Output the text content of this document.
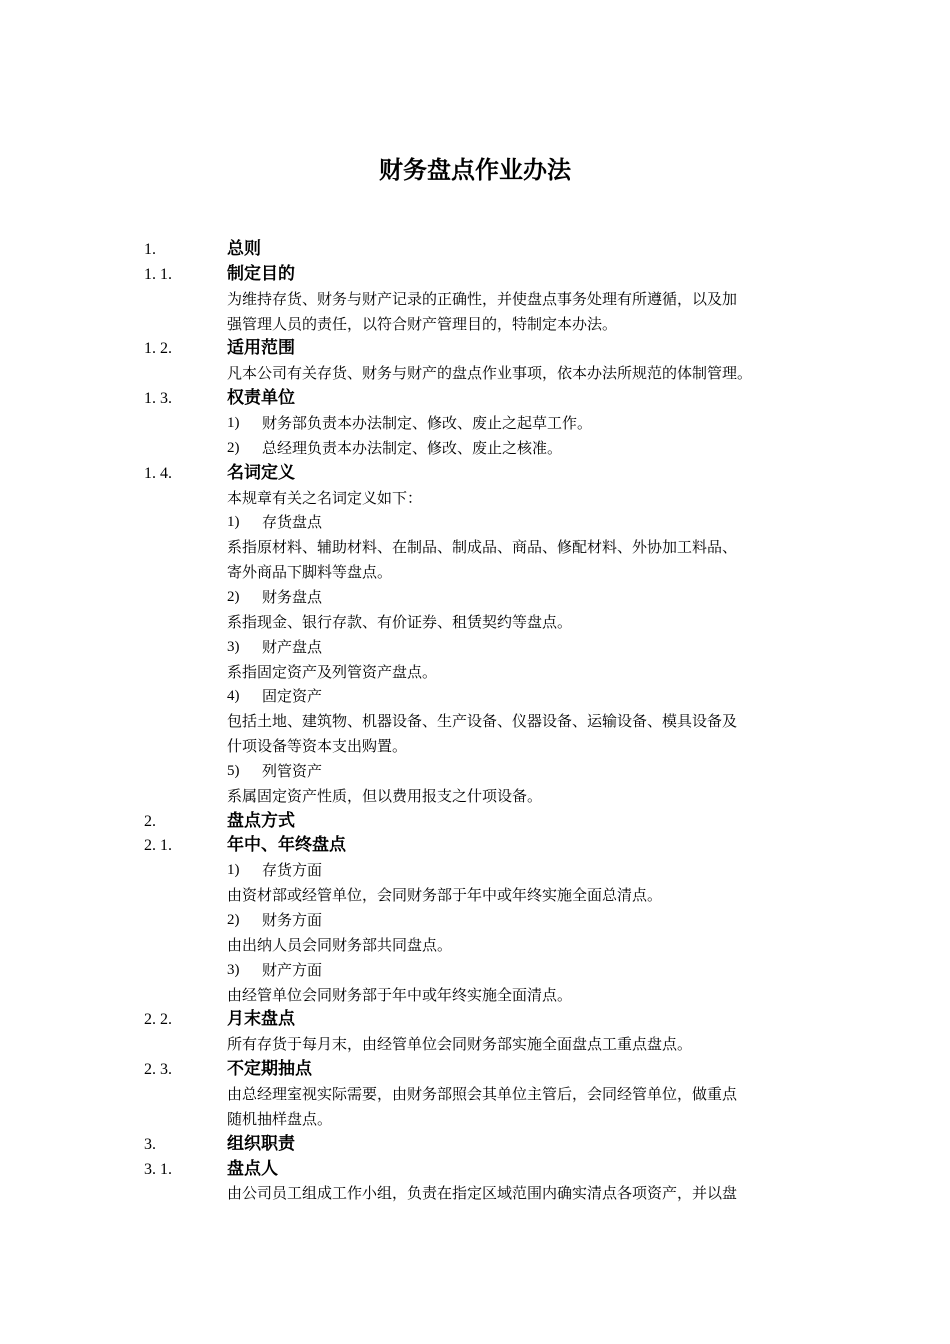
财务盘点作业办法
1.	总则
1. 1.	制定目的
为维持存货、财务与财产记录的正确性，并使盘点事务处理有所遵循，以及加
强管理人员的责任，以符合财产管理目的，特制定本办法。
1. 2.	适用范围
凡本公司有关存货、财务与财产的盘点作业事项，依本办法所规范的体制管理。
1. 3.	权责单位
1) 财务部负责本办法制定、修改、废止之起草工作。
2) 总经理负责本办法制定、修改、废止之核准。
1. 4.	名词定义
本规章有关之名词定义如下：
1) 存货盘点
系指原材料、辅助材料、在制品、制成品、商品、修配材料、外协加工料品、
寄外商品下脚料等盘点。
2) 财务盘点
系指现金、银行存款、有价证券、租赁契约等盘点。
3) 财产盘点
系指固定资产及列管资产盘点。
4) 固定资产
包括土地、建筑物、机器设备、生产设备、仪器设备、运输设备、模具设备及
什项设备等资本支出购置。
5) 列管资产
系属固定资产性质，但以费用报支之什项设备。
2.	盘点方式
2. 1.	年中、年终盘点
1) 存货方面
由资材部或经管单位，会同财务部于年中或年终实施全面总清点。
2) 财务方面
由出纳人员会同财务部共同盘点。
3) 财产方面
由经管单位会同财务部于年中或年终实施全面清点。
2. 2.	月末盘点
所有存货于每月末，由经管单位会同财务部实施全面盘点工重点盘点。
2. 3.	不定期抽点
由总经理室视实际需要，由财务部照会其单位主管后，会同经管单位，做重点
随机抽样盘点。
3.	组织职责
3. 1.	盘点人
由公司员工组成工作小组，负责在指定区域范围内确实清点各项资产，并以盘
